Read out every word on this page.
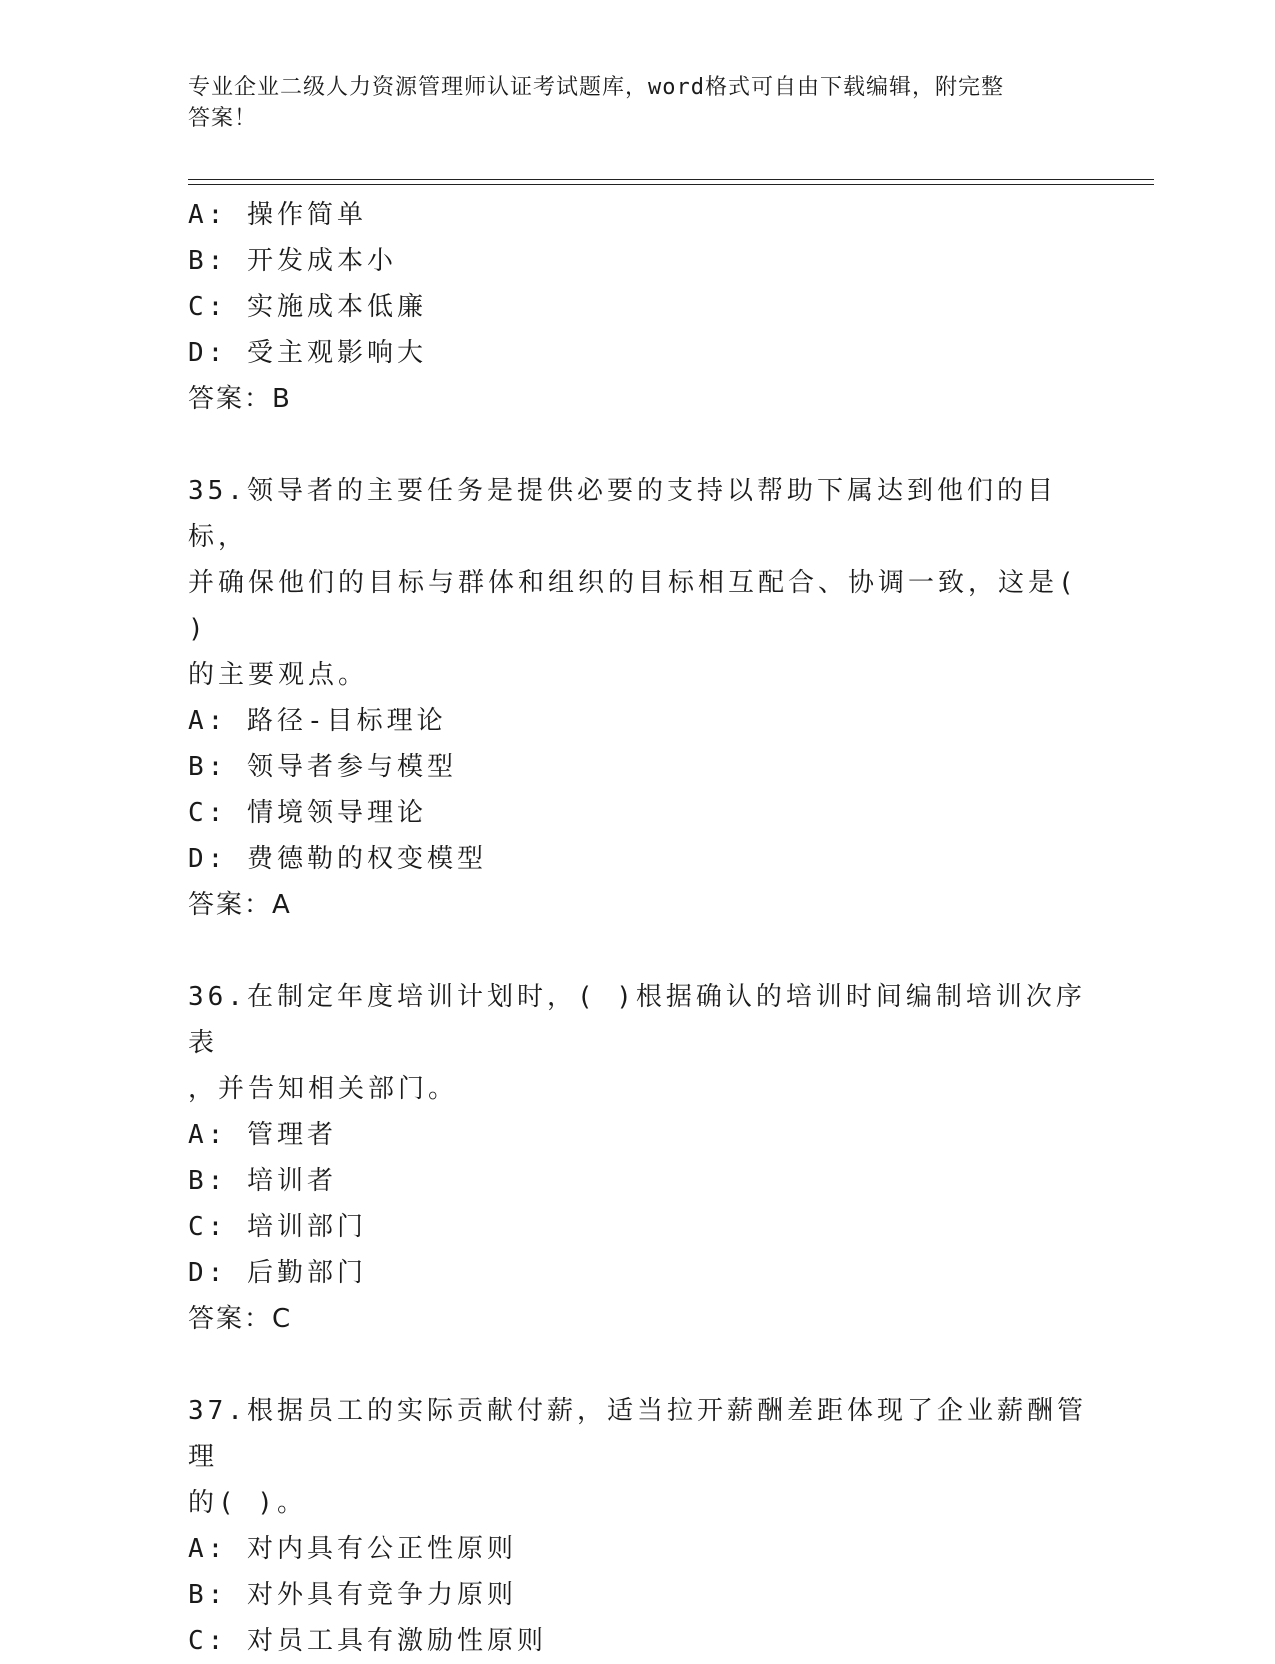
专业企业二级人力资源管理师认证考试题库，word格式可自由下载编辑，附完整
答案！
A: 操作简单
B: 开发成本小
C: 实施成本低廉
D: 受主观影响大
答案：B
35.领导者的主要任务是提供必要的支持以帮助下属达到他们的目标，
并确保他们的目标与群体和组织的目标相互配合、协调一致，这是( )
的主要观点。
A: 路径-目标理论
B: 领导者参与模型
C: 情境领导理论
D: 费德勒的权变模型
答案：A
36.在制定年度培训计划时，( )根据确认的培训时间编制培训次序表
，并告知相关部门。
A: 管理者
B: 培训者
C: 培训部门
D: 后勤部门
答案：C
37.根据员工的实际贡献付薪，适当拉开薪酬差距体现了企业薪酬管理
的( )。
A: 对内具有公正性原则
B: 对外具有竞争力原则
C: 对员工具有激励性原则
